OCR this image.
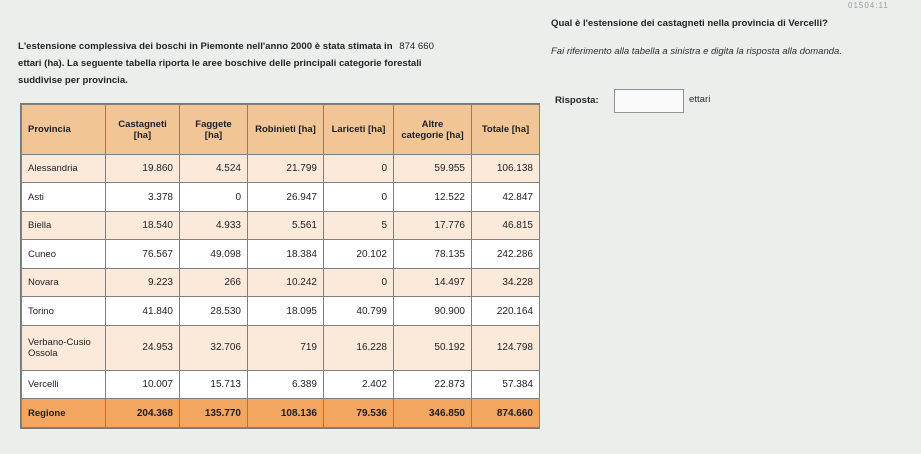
01504:11
L'estensione complessiva dei boschi in Piemonte nell'anno 2000 è stata stimata in 874 660
ettari (ha). La seguente tabella riporta le aree boschive delle principali categorie forestali
suddivise per provincia.
Provincia	Castagneti [ha]	Faggete [ha]	Robinieti [ha]	Lariceti [ha]	Altre categorie [ha]	Totale [ha]
Alessandria	19.860	4.524	21.799	0	59.955	106.138
Asti	3.378	0	26.947	0	12.522	42.847
Biella	18.540	4.933	5.561	5	17.776	46.815
Cuneo	76.567	49.098	18.384	20.102	78.135	242.286
Novara	9.223	266	10.242	0	14.497	34.228
Torino	41.840	28.530	18.095	40.799	90.900	220.164
Verbano-Cusio Ossola	24.953	32.706	719	16.228	50.192	124.798
Vercelli	10.007	15.713	6.389	2.402	22.873	57.384
Regione	204.368	135.770	108.136	79.536	346.850	874.660
Qual è l'estensione dei castagneti nella provincia di Vercelli?
Fai riferimento alla tabella a sinistra e digita la risposta alla domanda.
Risposta:	ettari
